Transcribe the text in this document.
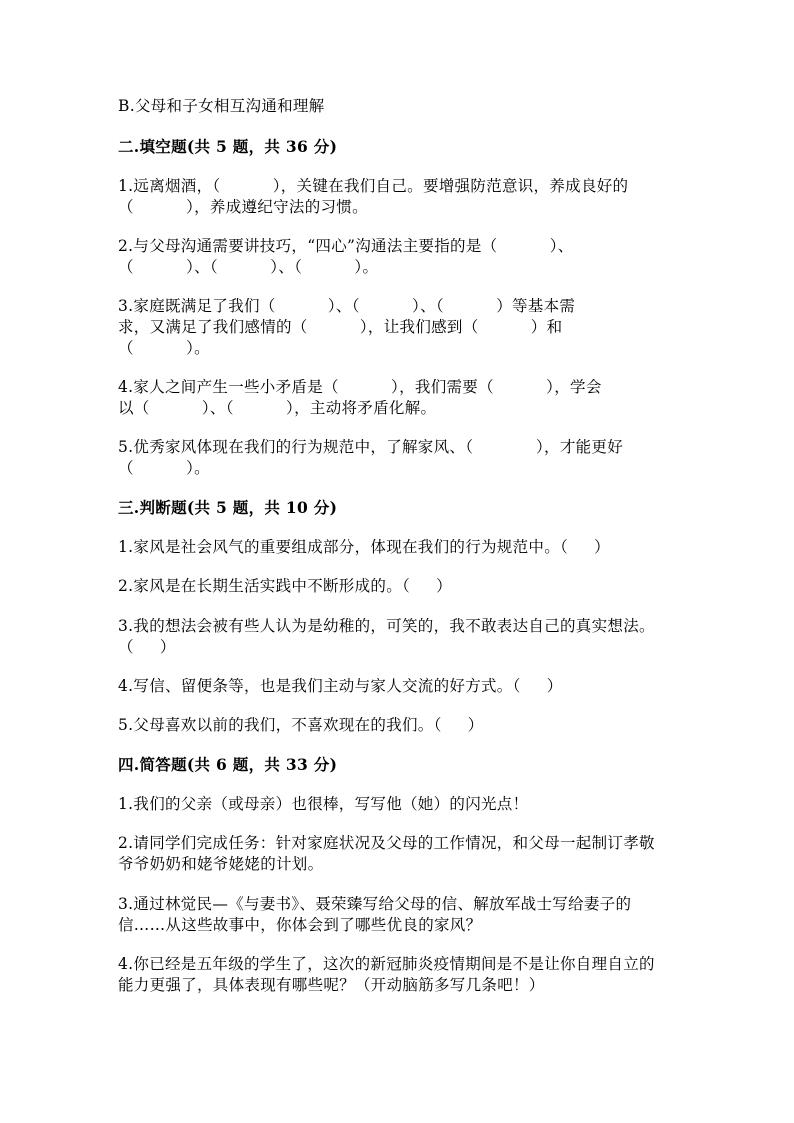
B.父母和子女相互沟通和理解
二.填空题(共 5 题，共 36 分)
1.远离烟酒，（          ），关键在我们自己。要增强防范意识，养成良好的
（          ），养成遵纪守法的习惯。
2.与父母沟通需要讲技巧，“四心”沟通法主要指的是（          ）、
（          ）、（          ）、（          ）。
3.家庭既满足了我们（          ）、（          ）、（          ）等基本需
求，又满足了我们感情的（          ），让我们感到（          ）和
（          ）。
4.家人之间产生一些小矛盾是（          ），我们需要（          ），学会
以（          ）、（          ），主动将矛盾化解。
5.优秀家风体现在我们的行为规范中，了解家风、（            ），才能更好
（          ）。
三.判断题(共 5 题，共 10 分)
1.家风是社会风气的重要组成部分，体现在我们的行为规范中。（     ）
2.家风是在长期生活实践中不断形成的。（     ）
3.我的想法会被有些人认为是幼稚的，可笑的，我不敢表达自己的真实想法。
（     ）
4.写信、留便条等，也是我们主动与家人交流的好方式。（     ）
5.父母喜欢以前的我们，不喜欢现在的我们。（     ）
四.简答题(共 6 题，共 33 分)
1.我们的父亲（或母亲）也很棒，写写他（她）的闪光点！
2.请同学们完成任务：针对家庭状况及父母的工作情况，和父母一起制订孝敬
爷爷奶奶和姥爷姥姥的计划。
3.通过林觉民—《与妻书》、聂荣臻写给父母的信、解放军战士写给妻子的
信……从这些故事中，你体会到了哪些优良的家风？
4.你已经是五年级的学生了，这次的新冠肺炎疫情期间是不是让你自理自立的
能力更强了，具体表现有哪些呢？（开动脑筋多写几条吧！）
